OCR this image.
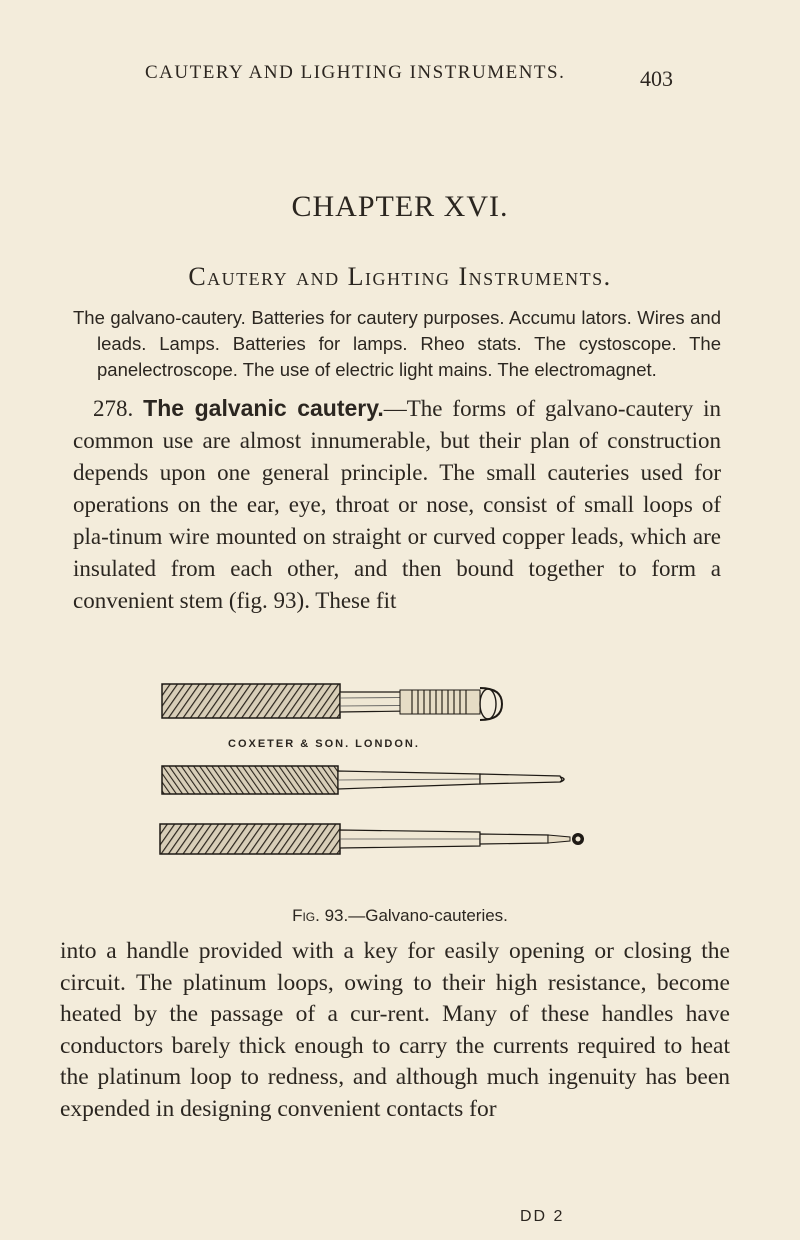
CAUTERY AND LIGHTING INSTRUMENTS.	403
CHAPTER XVI.
Cautery and Lighting Instruments.
The galvano-cautery. Batteries for cautery purposes. Accumu lators. Wires and leads. Lamps. Batteries for lamps. Rheo stats. The cystoscope. The panelectroscope. The use of electric light mains. The electromagnet.
278. The galvanic cautery.—The forms of galvano-cautery in common use are almost innumerable, but their plan of construction depends upon one general principle. The small cauteries used for operations on the ear, eye, throat or nose, consist of small loops of pla-tinum wire mounted on straight or curved copper leads, which are insulated from each other, and then bound together to form a convenient stem (fig. 93). These fit
COXETER & SON. LONDON.
Fig. 93.—Galvano-cauteries.
into a handle provided with a key for easily opening or closing the circuit. The platinum loops, owing to their high resistance, become heated by the passage of a cur-rent. Many of these handles have conductors barely thick enough to carry the currents required to heat the platinum loop to redness, and although much ingenuity has been expended in designing convenient contacts for
DD 2
